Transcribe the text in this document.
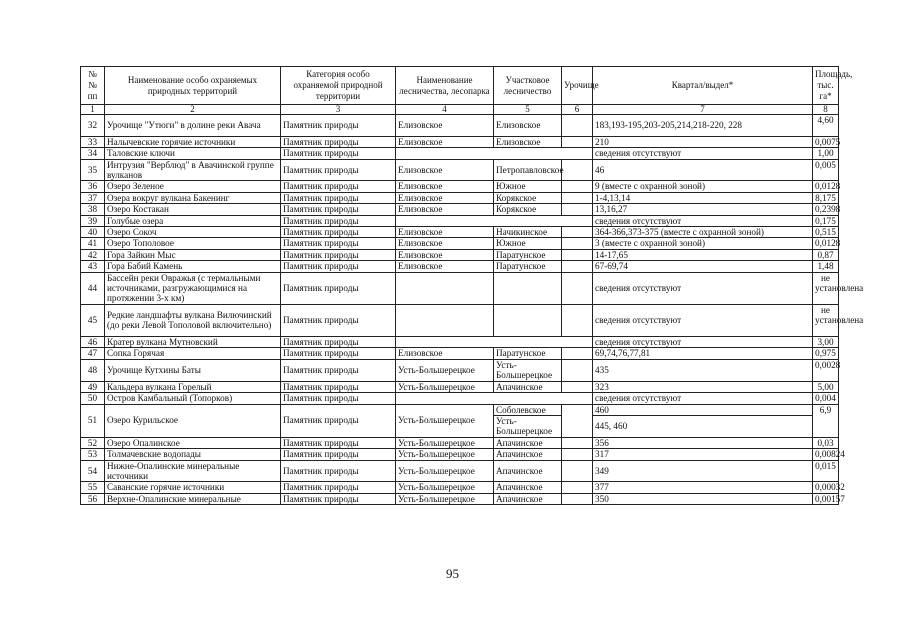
№ № пп	Наименование особо охраняемых природных территорий	Категория особо охраняемой природной территории	Наименование лесничества, лесопарка	Участковое лесничество	Урочище	Квартал/выдел*	Площадь, тыс. га*
1	2	3	4	5	6	7	8
32	Урочище "Утюги" в долине реки Авача	Памятник природы	Елизовское	Елизовское		183,193-195,203-205,214,218-220, 228	4,60
33	Налычевские горячие источники	Памятник природы	Елизовское	Елизовское		210	0,0075
34	Таловские ключи	Памятник природы				сведения отсутствуют	1,00
35	Интрузия "Верблюд" в Авачинской группе вулканов	Памятник природы	Елизовское	Петропавловское		46	0,005
36	Озеро Зеленое	Памятник природы	Елизовское	Южное		9 (вместе с охранной зоной)	0,0128
37	Озера вокруг вулкана Бакенинг	Памятник природы	Елизовское	Корякское		1-4,13,14	8,175
38	Озеро Костакан	Памятник природы	Елизовское	Корякское		13,16,27	0,2398
39	Голубые озера	Памятник природы				сведения отсутствуют	0,175
40	Озеро Сокоч	Памятник природы	Елизовское	Начикинское		364-366,373-375 (вместе с охранной зоной)	0,515
41	Озеро Тополовое	Памятник природы	Елизовское	Южное		3 (вместе с охранной зоной)	0,0128
42	Гора Зайкин Мыс	Памятник природы	Елизовское	Паратунское		14-17,65	0,87
43	Гора Бабий Камень	Памятник природы	Елизовское	Паратунское		67-69,74	1,48
44	Бассейн реки Овражья (с термальными источниками, разгружающимися на протяжении 3-х км)	Памятник природы				сведения отсутствуют	не установлена
45	Редкие ландшафты вулкана Вилючинский (до реки Левой Тополовой включительно)	Памятник природы				сведения отсутствуют	не установлена
46	Кратер вулкана Мутновский	Памятник природы				сведения отсутствуют	3,00
47	Сопка Горячая	Памятник природы	Елизовское	Паратунское		69,74,76,77,81	0,975
48	Урочище Кутхины Баты	Памятник природы	Усть-Большерецкое	Усть-Большерецкое		435	0,0028
49	Кальдера вулкана Горелый	Памятник природы	Усть-Большерецкое	Апачинское		323	5,00
50	Остров Камбальный (Топорков)	Памятник природы				сведения отсутствуют	0,004
51	Озеро Курильское	Памятник природы	Усть-Большерецкое	Соболевское		460	6,9
				Усть-Большерецкое		445, 460	
52	Озеро Опалинское	Памятник природы	Усть-Большерецкое	Апачинское		356	0,03
53	Толмачевские водопады	Памятник природы	Усть-Большерецкое	Апачинское		317	0,00824
54	Нижне-Опалинские минеральные источники	Памятник природы	Усть-Большерецкое	Апачинское		349	0,015
55	Саванские горячие источники	Памятник природы	Усть-Большерецкое	Апачинское		377	0,00032
56	Верхне-Опалинские минеральные	Памятник природы	Усть-Большерецкое	Апачинское		350	0,00157
95
